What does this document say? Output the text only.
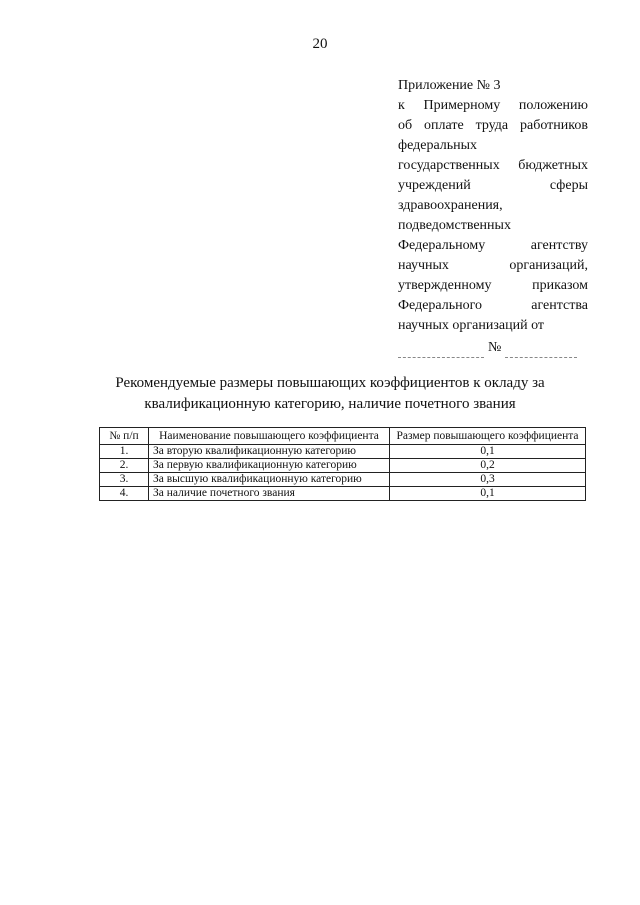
20
Приложение № 3
к Примерному положению
об оплате труда работников
федеральных
государственных бюджетных
учреждений сферы
здравоохранения,
подведомственных
Федеральному агентству
научных организаций,
утвержденному приказом
Федерального агентства
научных организаций от
№
Рекомендуемые размеры повышающих коэффициентов к окладу за
квалификационную категорию, наличие почетного звания
№ п/п	Наименование повышающего коэффициента	Размер повышающего коэффициента
1.	За вторую квалификационную категорию	0,1
2.	За первую квалификационную категорию	0,2
3.	За высшую квалификационную категорию	0,3
4.	За наличие почетного звания	0,1
